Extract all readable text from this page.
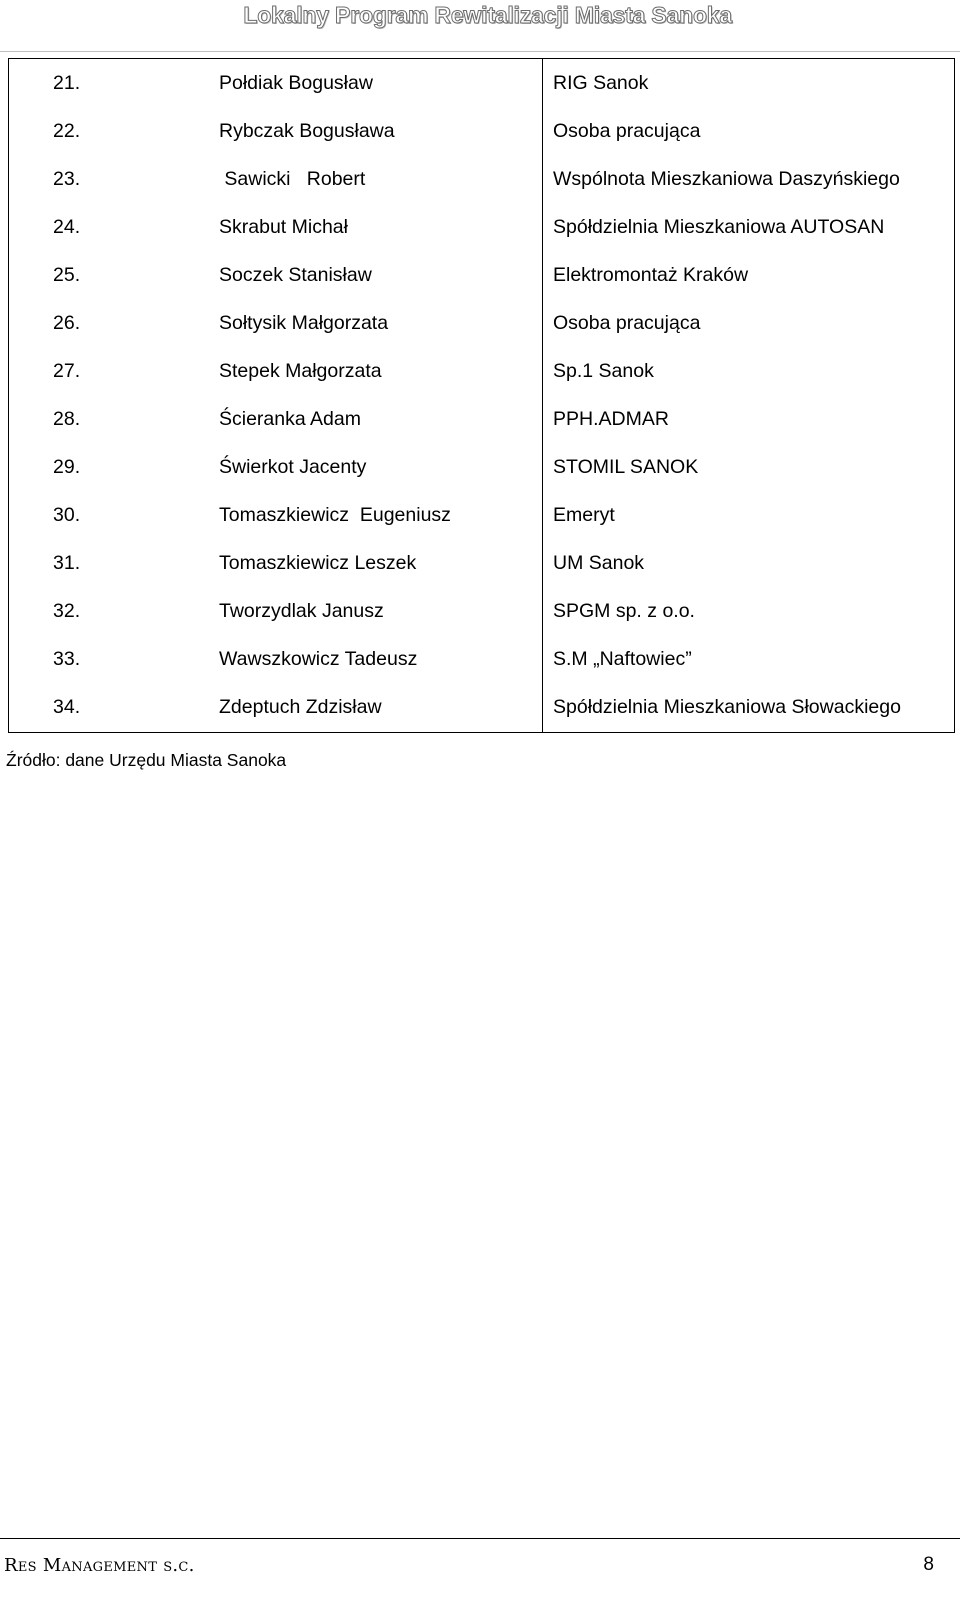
Lokalny Program Rewitalizacji Miasta Sanoka

21. Połdiak Bogusław	RIG Sanok

22. Rybczak Bogusława	Osoba pracująca

23. Sawicki   Robert	Wspólnota Mieszkaniowa Daszyńskiego

24. Skrabut Michał	Spółdzielnia Mieszkaniowa AUTOSAN

25. Soczek Stanisław	Elektromontaż Kraków

26. Sołtysik Małgorzata	Osoba pracująca

27. Stepek Małgorzata	Sp.1 Sanok

28. Ścieranka Adam	PPH.ADMAR

29. Świerkot Jacenty	STOMIL SANOK

30. Tomaszkiewicz  Eugeniusz	Emeryt

31. Tomaszkiewicz Leszek	UM Sanok

32. Tworzydlak Janusz	SPGM sp. z o.o.

33. Wawszkowicz Tadeusz	S.M „Naftowiec”

34. Zdeptuch Zdzisław	Spółdzielnia Mieszkaniowa Słowackiego

Źródło: dane Urzędu Miasta Sanoka

Res Management s.c.	8
